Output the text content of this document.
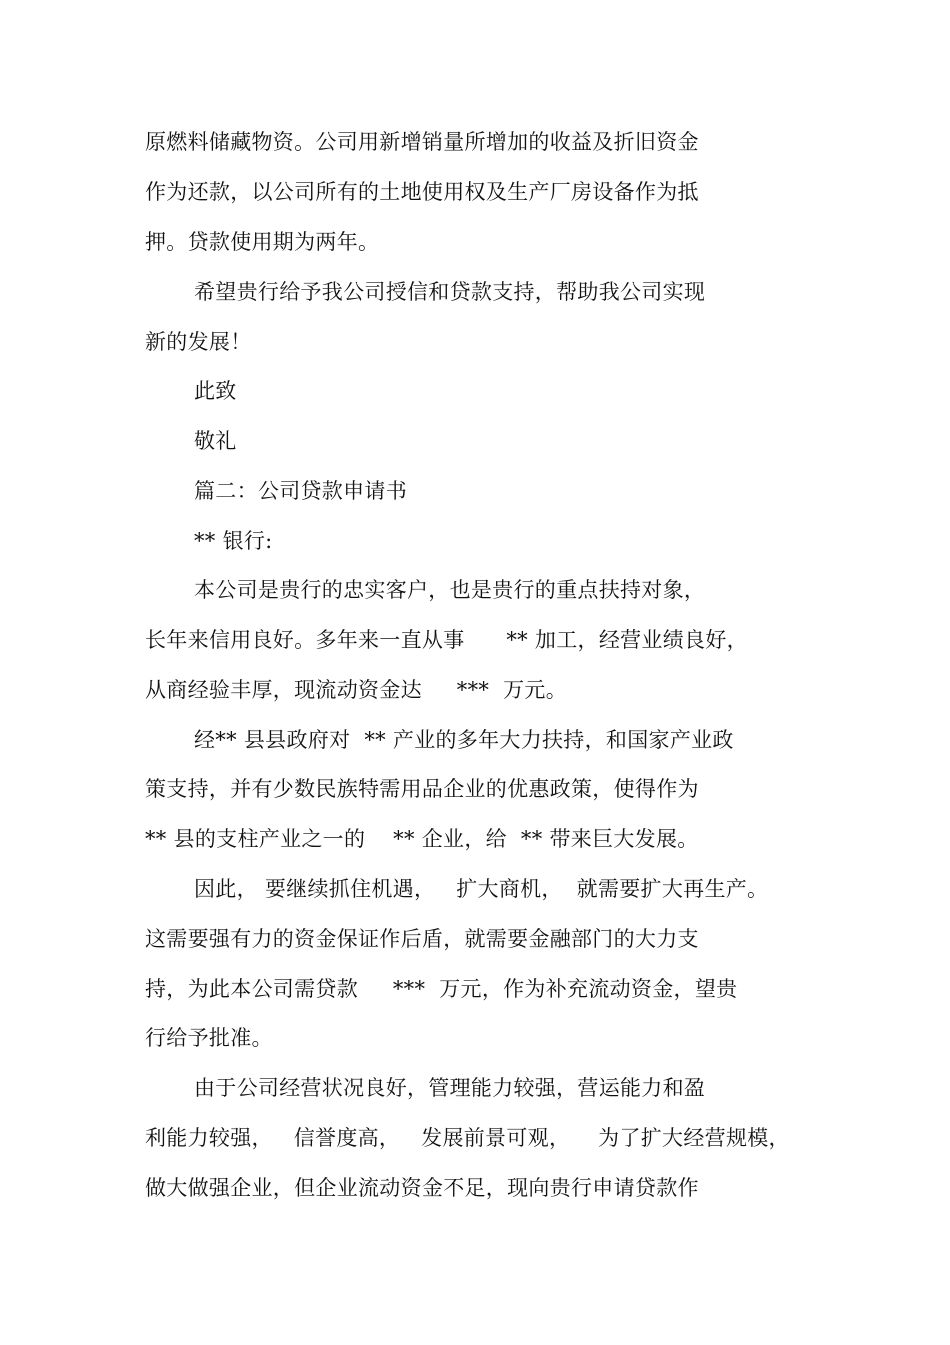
原燃料储藏物资。公司用新增销量所增加的收益及折旧资金
作为还款，以公司所有的土地使用权及生产厂房设备作为抵
押。贷款使用期为两年。
希望贵行给予我公司授信和贷款支持，帮助我公司实现
新的发展！
此致
敬礼
篇二：公司贷款申请书
** 银行:
本公司是贵行的忠实客户，也是贵行的重点扶持对象，
长年来信用良好。多年来一直从事      ** 加工，经营业绩良好，
从商经验丰厚，现流动资金达     ***  万元。
经** 县县政府对  ** 产业的多年大力扶持，和国家产业政
策支持，并有少数民族特需用品企业的优惠政策，使得作为
** 县的支柱产业之一的    ** 企业，给  ** 带来巨大发展。
因此， 要继续抓住机遇，   扩大商机，  就需要扩大再生产。
这需要强有力的资金保证作后盾，就需要金融部门的大力支
持，为此本公司需贷款     ***  万元，作为补充流动资金，望贵
行给予批准。
由于公司经营状况良好，管理能力较强，营运能力和盈
利能力较强，   信誉度高，   发展前景可观，    为了扩大经营规模，
做大做强企业，但企业流动资金不足，现向贵行申请贷款作
